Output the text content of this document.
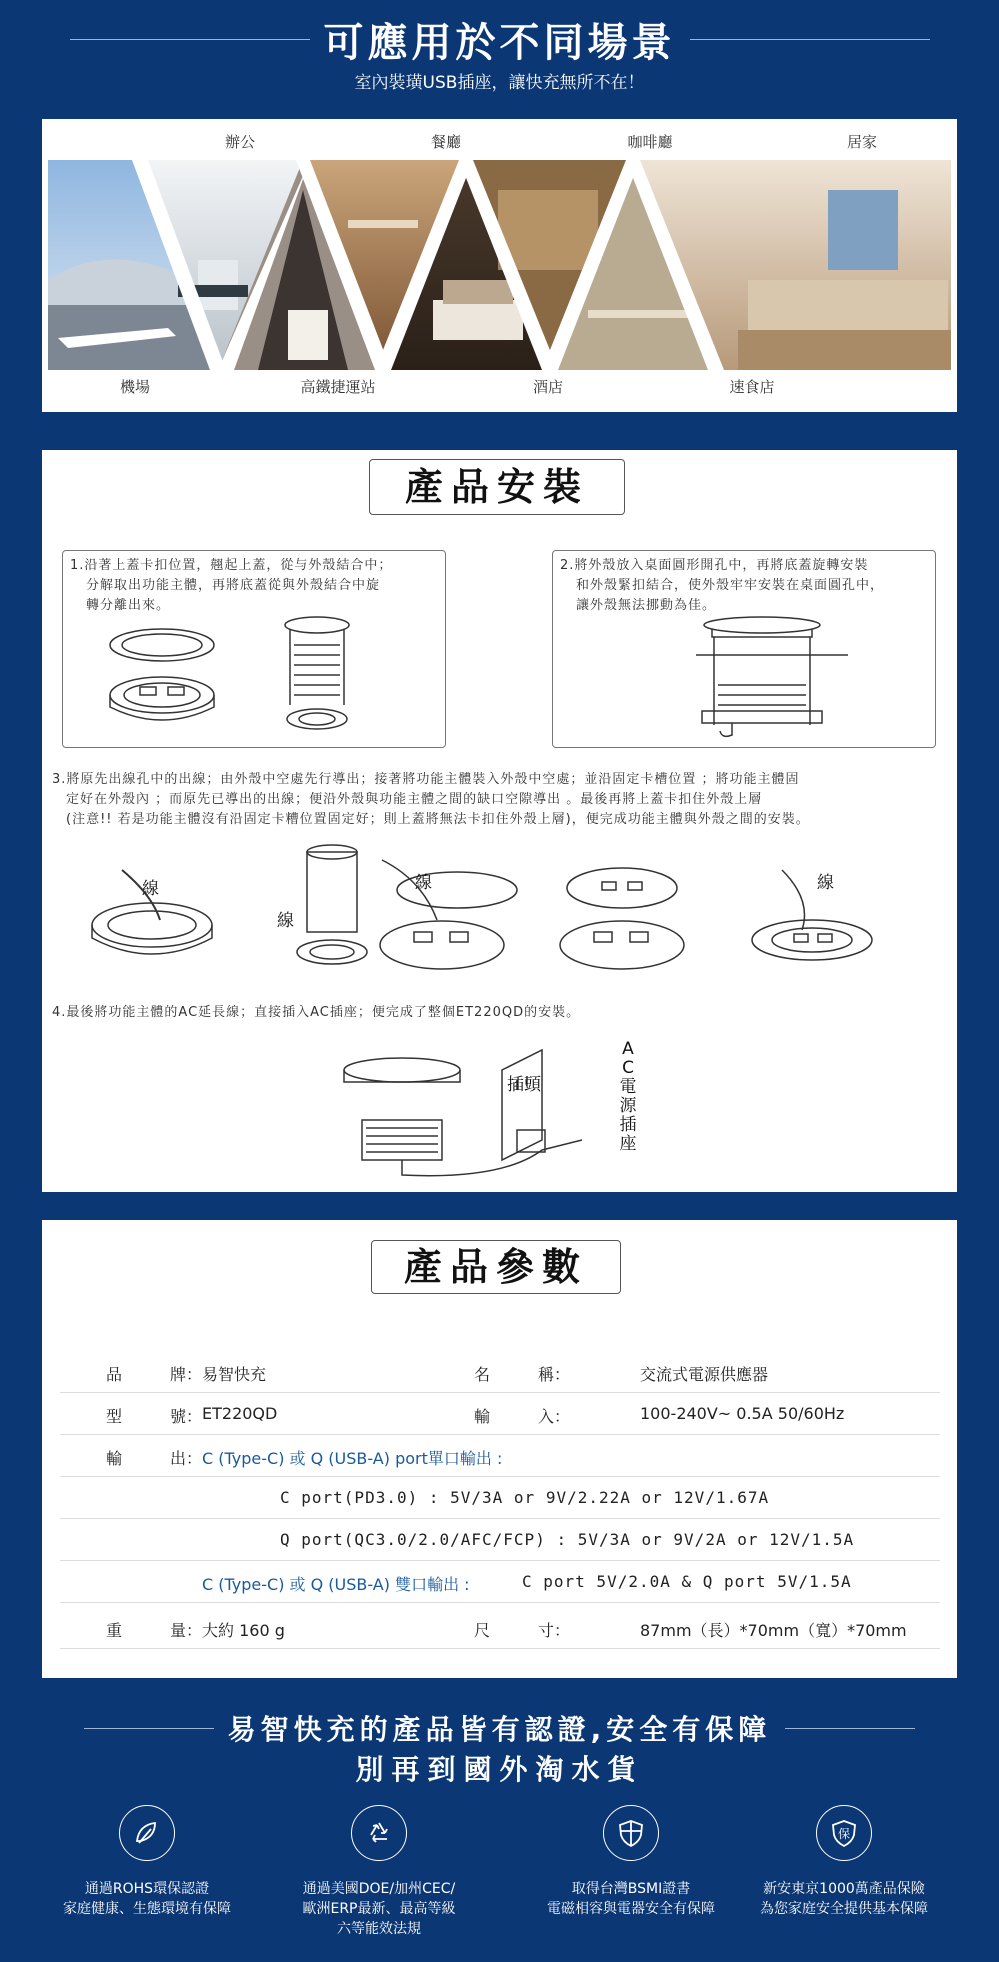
可應用於不同場景
室內裝璜USB插座，讓快充無所不在！
辦公	餐廳	咖啡廳	居家
機場	高鐵捷運站	酒店	速食店
產品安裝
1.沿著上蓋卡扣位置，翹起上蓋，從与外殼結合中；
分解取出功能主體，再將底蓋從與外殼結合中旋
轉分離出來。
2.將外殼放入桌面圓形開孔中，再將底蓋旋轉安裝
和外殼緊扣結合，使外殼牢牢安裝在桌面圓孔中，
讓外殼無法挪動為佳。
3.將原先出線孔中的出線；由外殼中空處先行導出；接著將功能主體裝入外殼中空處；並沿固定卡槽位置 ；將功能主體固
定好在外殼內 ；而原先已導出的出線；便沿外殼與功能主體之間的缺口空隙導出 。最後再將上蓋卡扣住外殼上層
(注意!! 若是功能主體沒有沿固定卡糟位置固定好；則上蓋將無法卡扣住外殼上層)，便完成功能主體與外殼之間的安裝。
線
線
線	線
4.最後將功能主體的AC延長線；直接插入AC插座；便完成了整個ET220QD的安裝。
插頭
AC電源插座
產品參數
品　　　牌： 易智快充	名　　　稱：	交流式電源供應器
型　　　號： ET220QD	輸　　　入：	100-240V~ 0.5A 50/60Hz
輸　　　出： C (Type-C) 或 Q (USB-A) port單口輸出 :
C port(PD3.0) : 5V/3A or 9V/2.22A or 12V/1.67A
Q port(QC3.0/2.0/AFC/FCP) : 5V/3A or 9V/2A or 12V/1.5A
C (Type-C) 或 Q (USB-A) 雙口輸出 :	C port 5V/2.0A & Q port 5V/1.5A
重　　　量： 大約 160 g	尺　　　寸：	87mm（長）*70mm（寬）*70mm
易智快充的產品皆有認證,安全有保障
別再到國外淘水貨
通過ROHS環保認證
家庭健康、生態環境有保障
通過美國DOE/加州CEC/
歐洲ERP最新、最高等級
六等能效法規
取得台灣BSMI證書
電磁相容與電器安全有保障
保
新安東京1000萬產品保險
為您家庭安全提供基本保障
